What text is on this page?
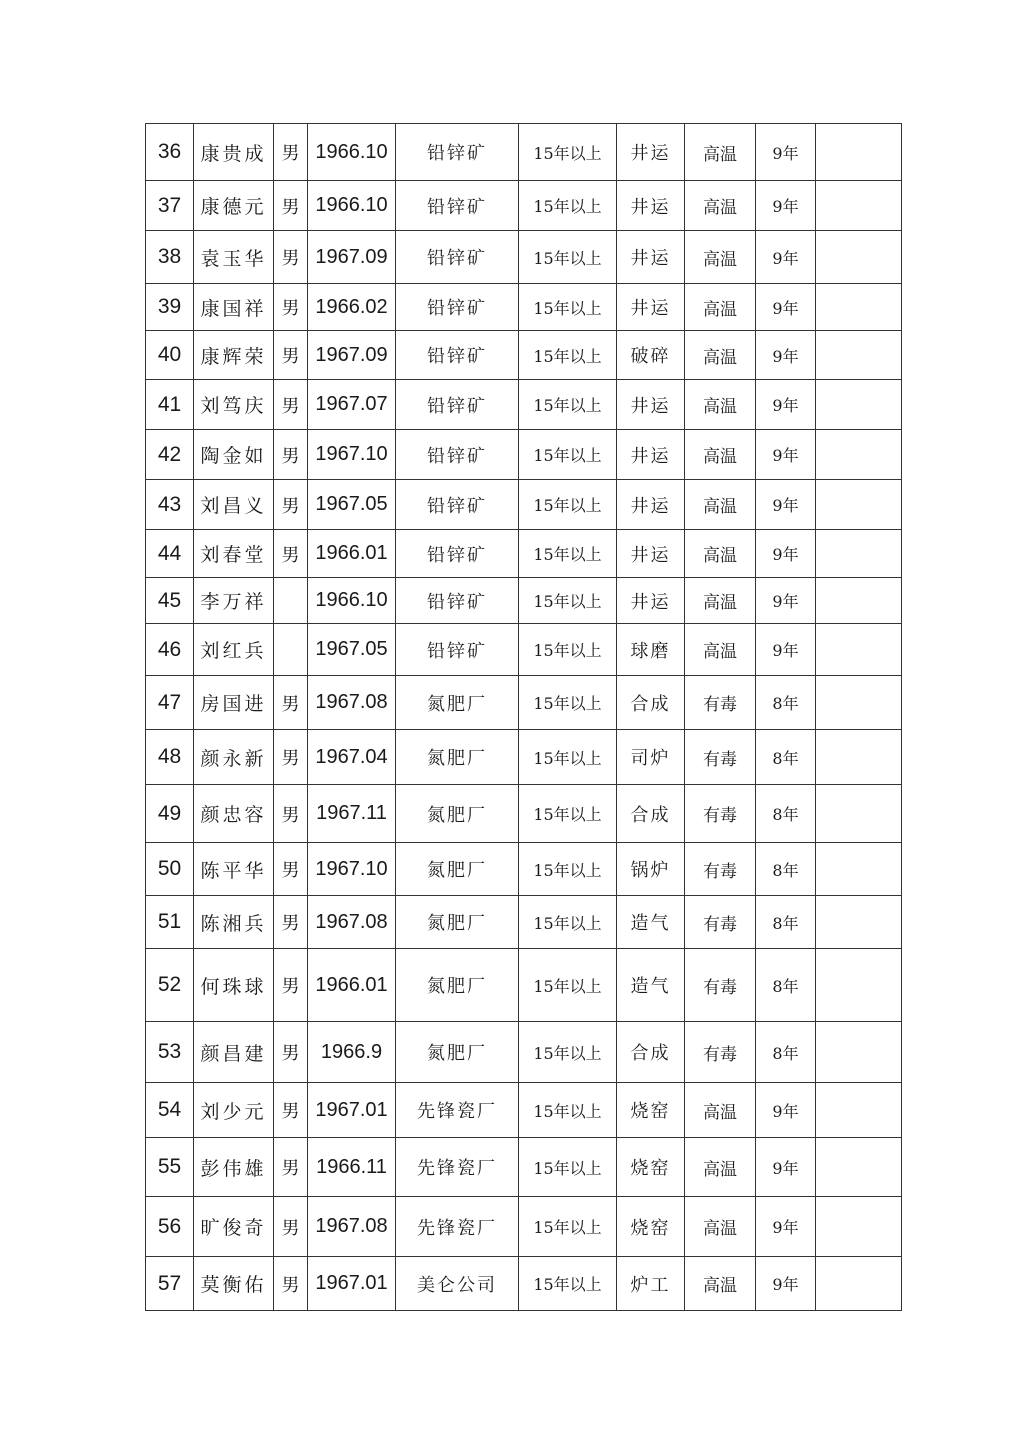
36	康贵成	男	1966.10	铅锌矿	15年以上	井运	高温	9年	
37	康德元	男	1966.10	铅锌矿	15年以上	井运	高温	9年	
38	袁玉华	男	1967.09	铅锌矿	15年以上	井运	高温	9年	
39	康国祥	男	1966.02	铅锌矿	15年以上	井运	高温	9年	
40	康辉荣	男	1967.09	铅锌矿	15年以上	破碎	高温	9年	
41	刘笃庆	男	1967.07	铅锌矿	15年以上	井运	高温	9年	
42	陶金如	男	1967.10	铅锌矿	15年以上	井运	高温	9年	
43	刘昌义	男	1967.05	铅锌矿	15年以上	井运	高温	9年	
44	刘春堂	男	1966.01	铅锌矿	15年以上	井运	高温	9年	
45	李万祥		1966.10	铅锌矿	15年以上	井运	高温	9年	
46	刘红兵		1967.05	铅锌矿	15年以上	球磨	高温	9年	
47	房国进	男	1967.08	氮肥厂	15年以上	合成	有毒	8年	
48	颜永新	男	1967.04	氮肥厂	15年以上	司炉	有毒	8年	
49	颜忠容	男	1967.11	氮肥厂	15年以上	合成	有毒	8年	
50	陈平华	男	1967.10	氮肥厂	15年以上	锅炉	有毒	8年	
51	陈湘兵	男	1967.08	氮肥厂	15年以上	造气	有毒	8年	
52	何珠球	男	1966.01	氮肥厂	15年以上	造气	有毒	8年	
53	颜昌建	男	1966.9	氮肥厂	15年以上	合成	有毒	8年	
54	刘少元	男	1967.01	先锋瓷厂	15年以上	烧窑	高温	9年	
55	彭伟雄	男	1966.11	先锋瓷厂	15年以上	烧窑	高温	9年	
56	旷俊奇	男	1967.08	先锋瓷厂	15年以上	烧窑	高温	9年	
57	莫衡佑	男	1967.01	美仑公司	15年以上	炉工	高温	9年	
